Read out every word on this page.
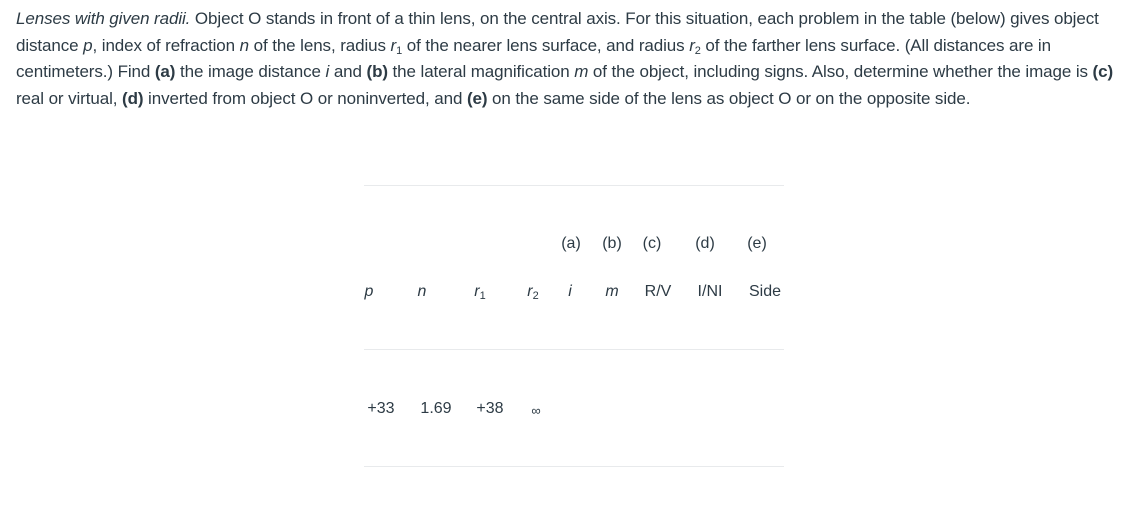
Lenses with given radii. Object O stands in front of a thin lens, on the central axis. For this situation, each problem in the table (below) gives object distance p, index of refraction n of the lens, radius $r_1$ of the nearer lens surface, and radius $r_2$ of the farther lens surface. (All distances are in centimeters.) Find (a) the image distance i and (b) the lateral magnification m of the object, including signs. Also, determine whether the image is (c) real or virtual, (d) inverted from object O or noninverted, and (e) on the same side of the lens as object O or on the opposite side.
(a) (b) (c) (d) (e)
p	n	$r_1$	$r_2$ i m R/V I/NI Side
+33 1.69 +38 ∞
